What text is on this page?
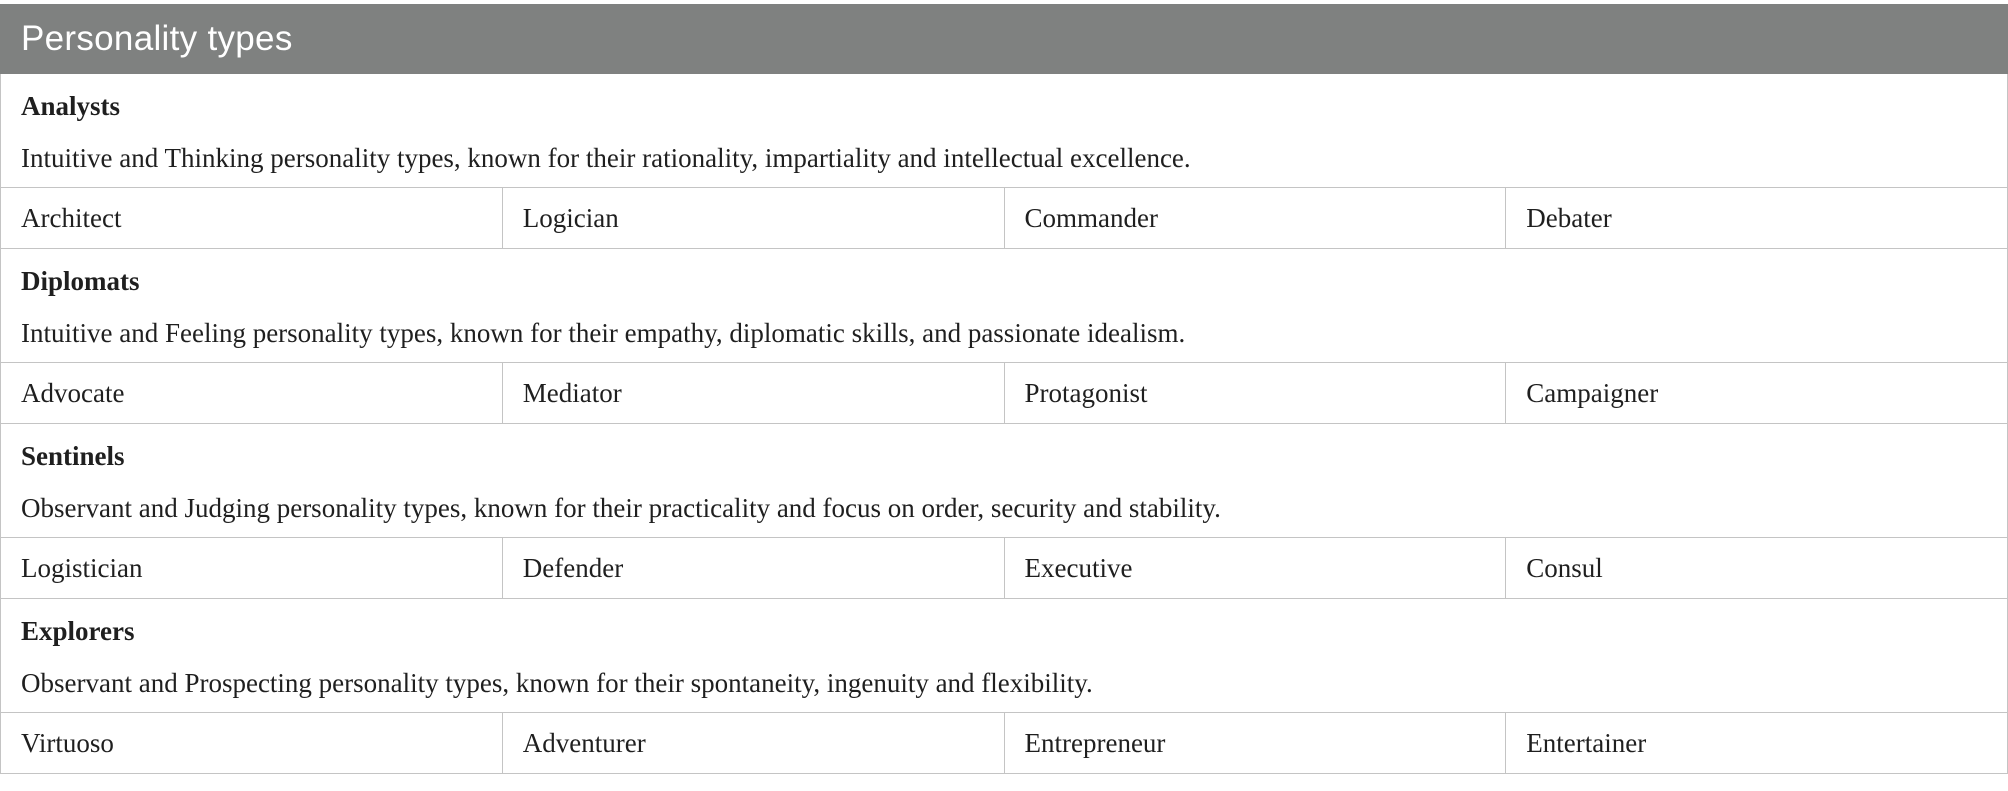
Personality types			

Analysts

Intuitive and Thinking personality types, known for their rationality, impartiality and intellectual excellence.			

Architect	Logician	Commander	Debater

Diplomats

Intuitive and Feeling personality types, known for their empathy, diplomatic skills, and passionate idealism.			

Advocate	Mediator	Protagonist	Campaigner

Sentinels

Observant and Judging personality types, known for their practicality and focus on order, security and stability.			

Logistician	Defender	Executive	Consul

Explorers

Observant and Prospecting personality types, known for their spontaneity, ingenuity and flexibility.			

Virtuoso	Adventurer	Entrepreneur	Entertainer
